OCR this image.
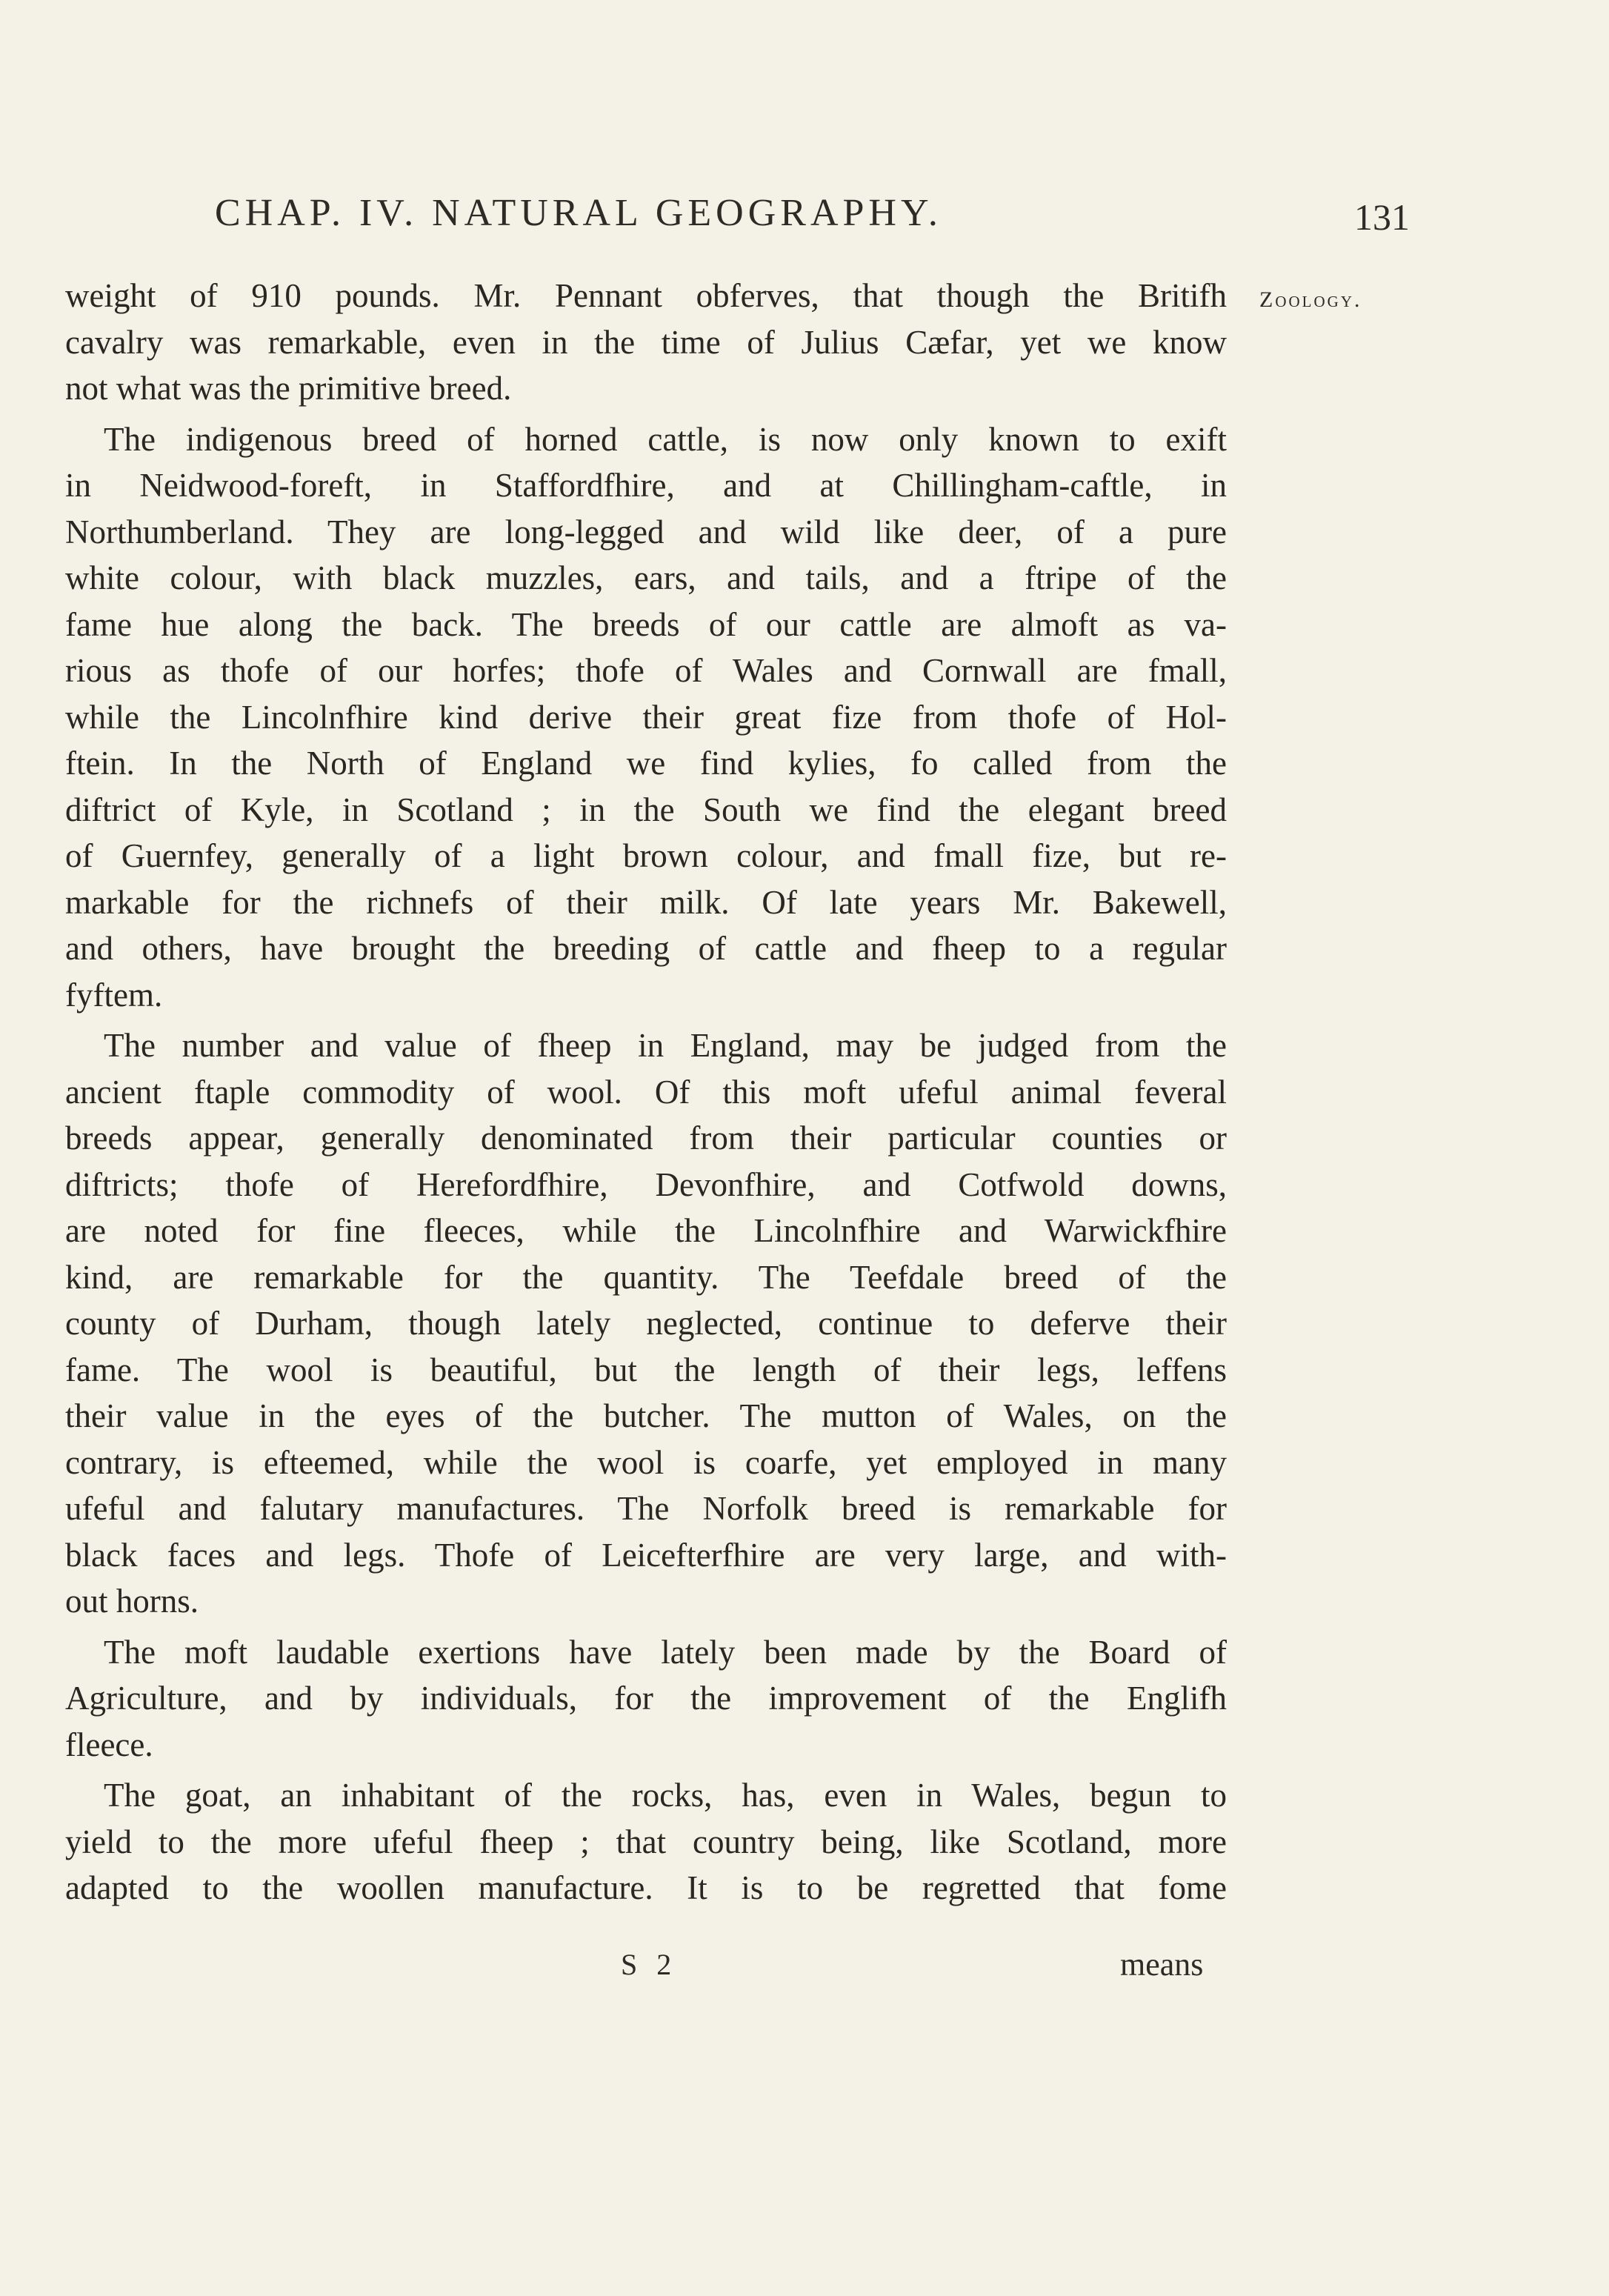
CHAP. IV. NATURAL GEOGRAPHY.	131
Zoology.
weight of 910 pounds. Mr. Pennant obferves, that though the Britifh
cavalry was remarkable, even in the time of Julius Cæfar, yet we know
not what was the primitive breed.
The indigenous breed of horned cattle, is now only known to exift
in Neidwood-foreft, in Staffordfhire, and at Chillingham-caftle, in
Northumberland. They are long-legged and wild like deer, of a pure
white colour, with black muzzles, ears, and tails, and a ftripe of the
fame hue along the back. The breeds of our cattle are almoft as va-
rious as thofe of our horfes; thofe of Wales and Cornwall are fmall,
while the Lincolnfhire kind derive their great fize from thofe of Hol-
ftein. In the North of England we find kylies, fo called from the
diftrict of Kyle, in Scotland ; in the South we find the elegant breed
of Guernfey, generally of a light brown colour, and fmall fize, but re-
markable for the richnefs of their milk. Of late years Mr. Bakewell,
and others, have brought the breeding of cattle and fheep to a regular
fyftem.
The number and value of fheep in England, may be judged from the
ancient ftaple commodity of wool. Of this moft ufeful animal feveral
breeds appear, generally denominated from their particular counties or
diftricts; thofe of Herefordfhire, Devonfhire, and Cotfwold downs,
are noted for fine fleeces, while the Lincolnfhire and Warwickfhire
kind, are remarkable for the quantity. The Teefdale breed of the
county of Durham, though lately neglected, continue to deferve their
fame. The wool is beautiful, but the length of their legs, leffens
their value in the eyes of the butcher. The mutton of Wales, on the
contrary, is efteemed, while the wool is coarfe, yet employed in many
ufeful and falutary manufactures. The Norfolk breed is remarkable for
black faces and legs. Thofe of Leicefterfhire are very large, and with-
out horns.
The moft laudable exertions have lately been made by the Board of
Agriculture, and by individuals, for the improvement of the Englifh
fleece.
The goat, an inhabitant of the rocks, has, even in Wales, begun to
yield to the more ufeful fheep ; that country being, like Scotland, more
adapted to the woollen manufacture. It is to be regretted that fome
S 2	means
